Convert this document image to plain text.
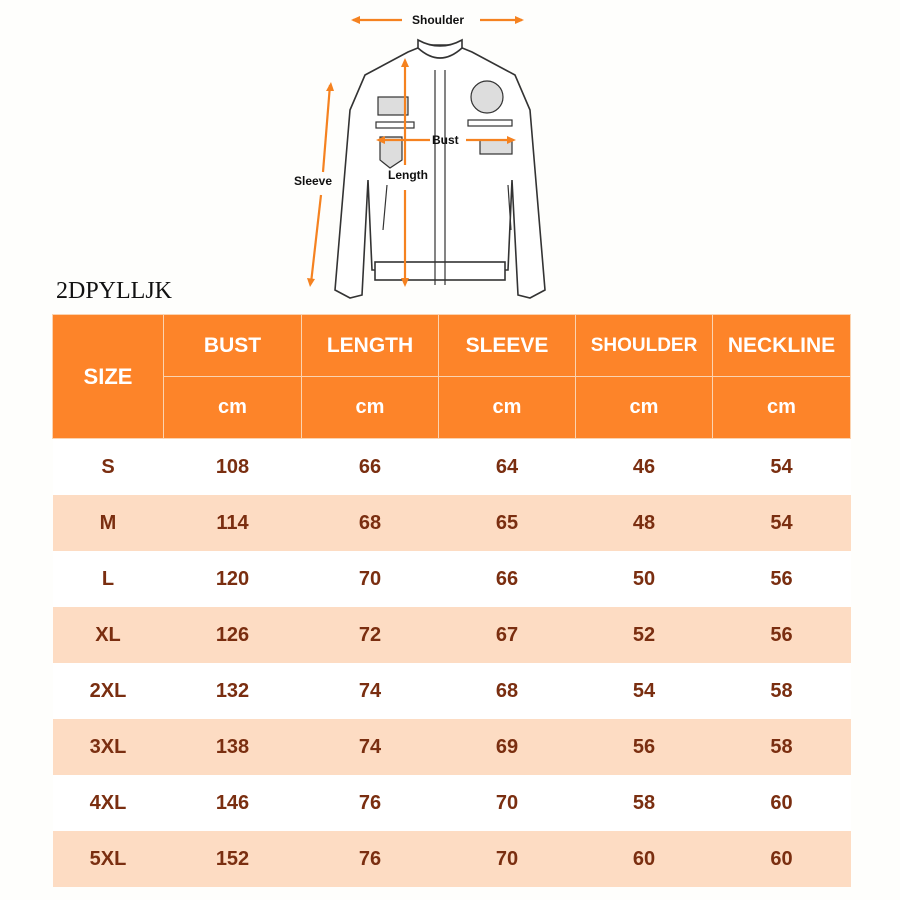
Shoulder
Bust
Length
Sleeve
2DPYLLJK
SIZE	BUST	LENGTH	SLEEVE	SHOULDER	NECKLINE
	cm	cm	cm	cm	cm
S	108	66	64	46	54
M	114	68	65	48	54
L	120	70	66	50	56
XL	126	72	67	52	56
2XL	132	74	68	54	58
3XL	138	74	69	56	58
4XL	146	76	70	58	60
5XL	152	76	70	60	60
